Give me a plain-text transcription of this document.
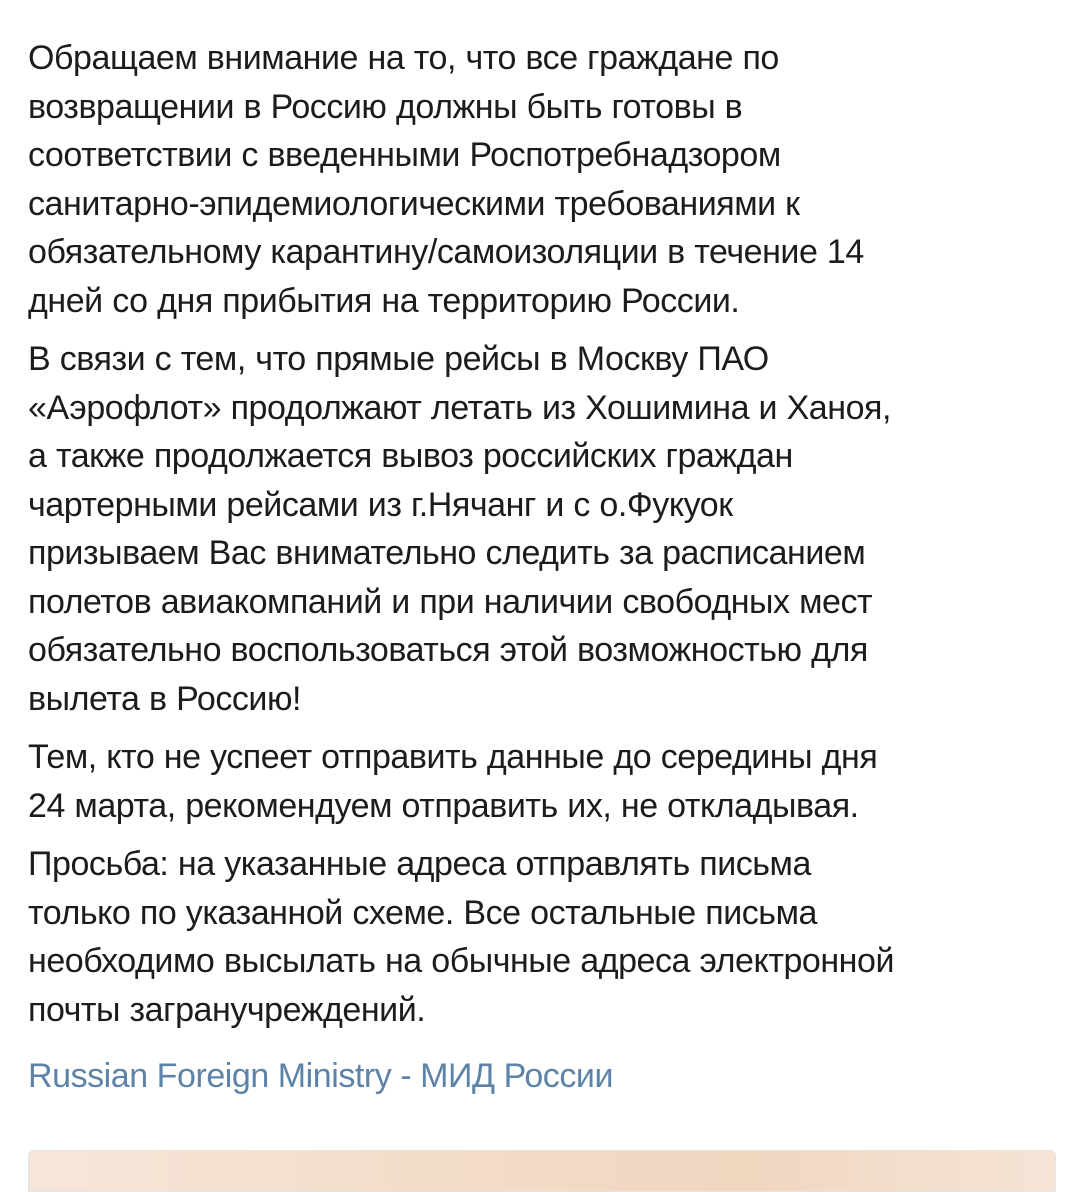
Обращаем внимание на то, что все граждане по
возвращении в Россию должны быть готовы в
соответствии с введенными Роспотребнадзором
санитарно-эпидемиологическими требованиями к
обязательному карантину/самоизоляции в течение 14
дней со дня прибытия на территорию России.

В связи с тем, что прямые рейсы в Москву ПАО
«Аэрофлот» продолжают летать из Хошимина и Ханоя,
а также продолжается вывоз российских граждан
чартерными рейсами из г.Нячанг и с о.Фукуок
призываем Вас внимательно следить за расписанием
полетов авиакомпаний и при наличии свободных мест
обязательно воспользоваться этой возможностью для
вылета в Россию!

Тем, кто не успеет отправить данные до середины дня
24 марта, рекомендуем отправить их, не откладывая.

Просьба: на указанные адреса отправлять письма
только по указанной схеме. Все остальные письма
необходимо высылать на обычные адреса электронной
почты загранучреждений.

Russian Foreign Ministry - МИД России
